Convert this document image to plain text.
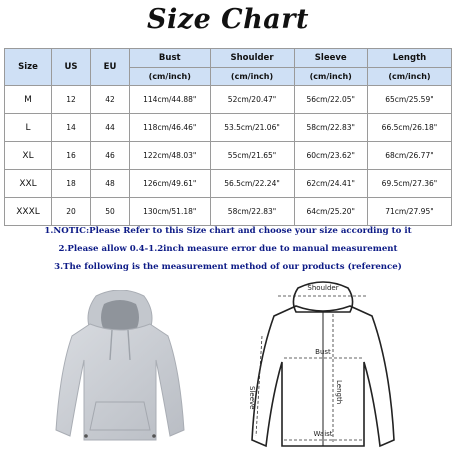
Size Chart
Size	US	EU	Bust	Shoulder	Sleeve	Length
			(cm/inch)	(cm/inch)	(cm/inch)	(cm/inch)
M	12	42	114cm/44.88"	52cm/20.47"	56cm/22.05"	65cm/25.59"
L	14	44	118cm/46.46"	53.5cm/21.06"	58cm/22.83"	66.5cm/26.18"
XL	16	46	122cm/48.03"	55cm/21.65"	60cm/23.62"	68cm/26.77"
XXL	18	48	126cm/49.61"	56.5cm/22.24"	62cm/24.41"	69.5cm/27.36"
XXXL	20	50	130cm/51.18"	58cm/22.83"	64cm/25.20"	71cm/27.95"
1.NOTIC:Please Refer to this Size chart and choose your size according to it
2.Please allow 0.4-1.2inch measure error due to manual measurement
3.The following is the measurement method of our products (reference)
Shoulder
Bust
Length
Sleeve
Waist
